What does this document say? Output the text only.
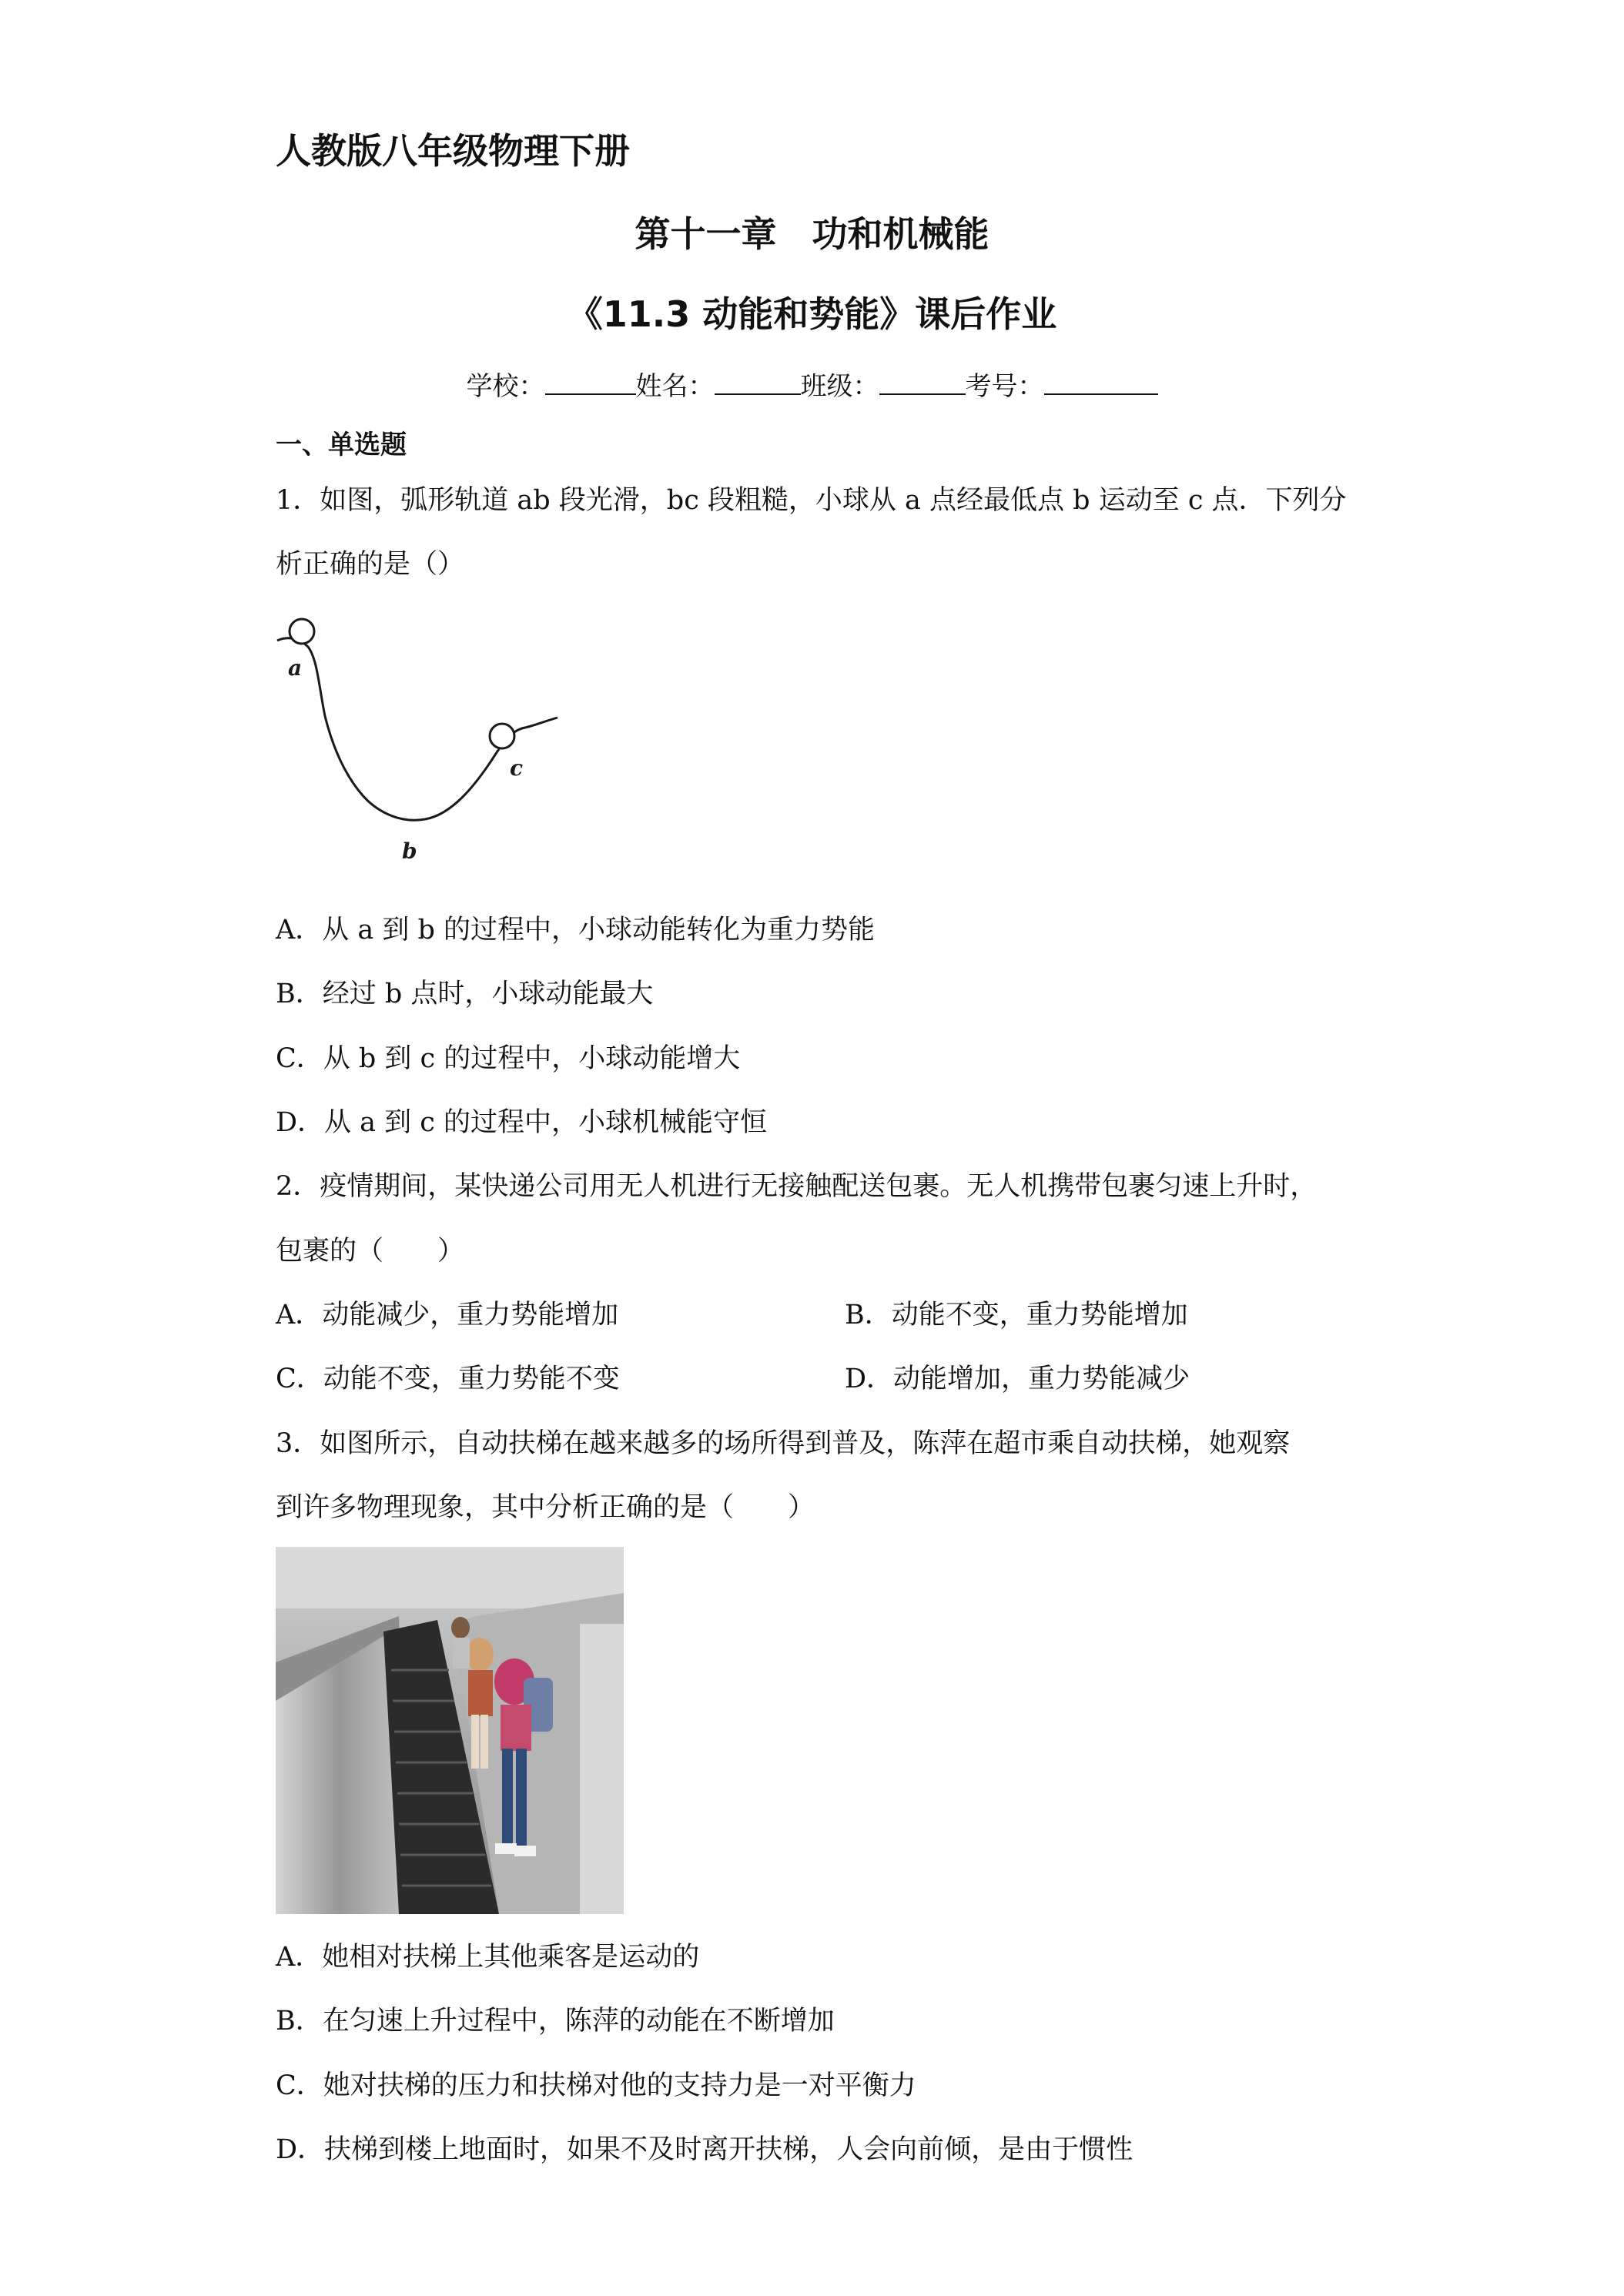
人教版八年级物理下册
第十一章　功和机械能
《11.3 动能和势能》课后作业
学校：	姓名：	班级：	考号：
一、单选题
1．如图，弧形轨道 ab 段光滑，bc 段粗糙，小球从 a 点经最低点 b 运动至 c 点．下列分
析正确的是（）
a
b
c
A．从 a 到 b 的过程中，小球动能转化为重力势能
B．经过 b 点时，小球动能最大
C．从 b 到 c 的过程中，小球动能增大
D．从 a 到 c 的过程中，小球机械能守恒
2．疫情期间，某快递公司用无人机进行无接触配送包裹。无人机携带包裹匀速上升时，
包裹的（　　）
A．动能减少，重力势能增加	B．动能不变，重力势能增加
C．动能不变，重力势能不变	D．动能增加，重力势能减少
3．如图所示，自动扶梯在越来越多的场所得到普及，陈萍在超市乘自动扶梯，她观察
到许多物理现象，其中分析正确的是（　　）
A．她相对扶梯上其他乘客是运动的
B．在匀速上升过程中，陈萍的动能在不断增加
C．她对扶梯的压力和扶梯对他的支持力是一对平衡力
D．扶梯到楼上地面时，如果不及时离开扶梯，人会向前倾，是由于惯性
